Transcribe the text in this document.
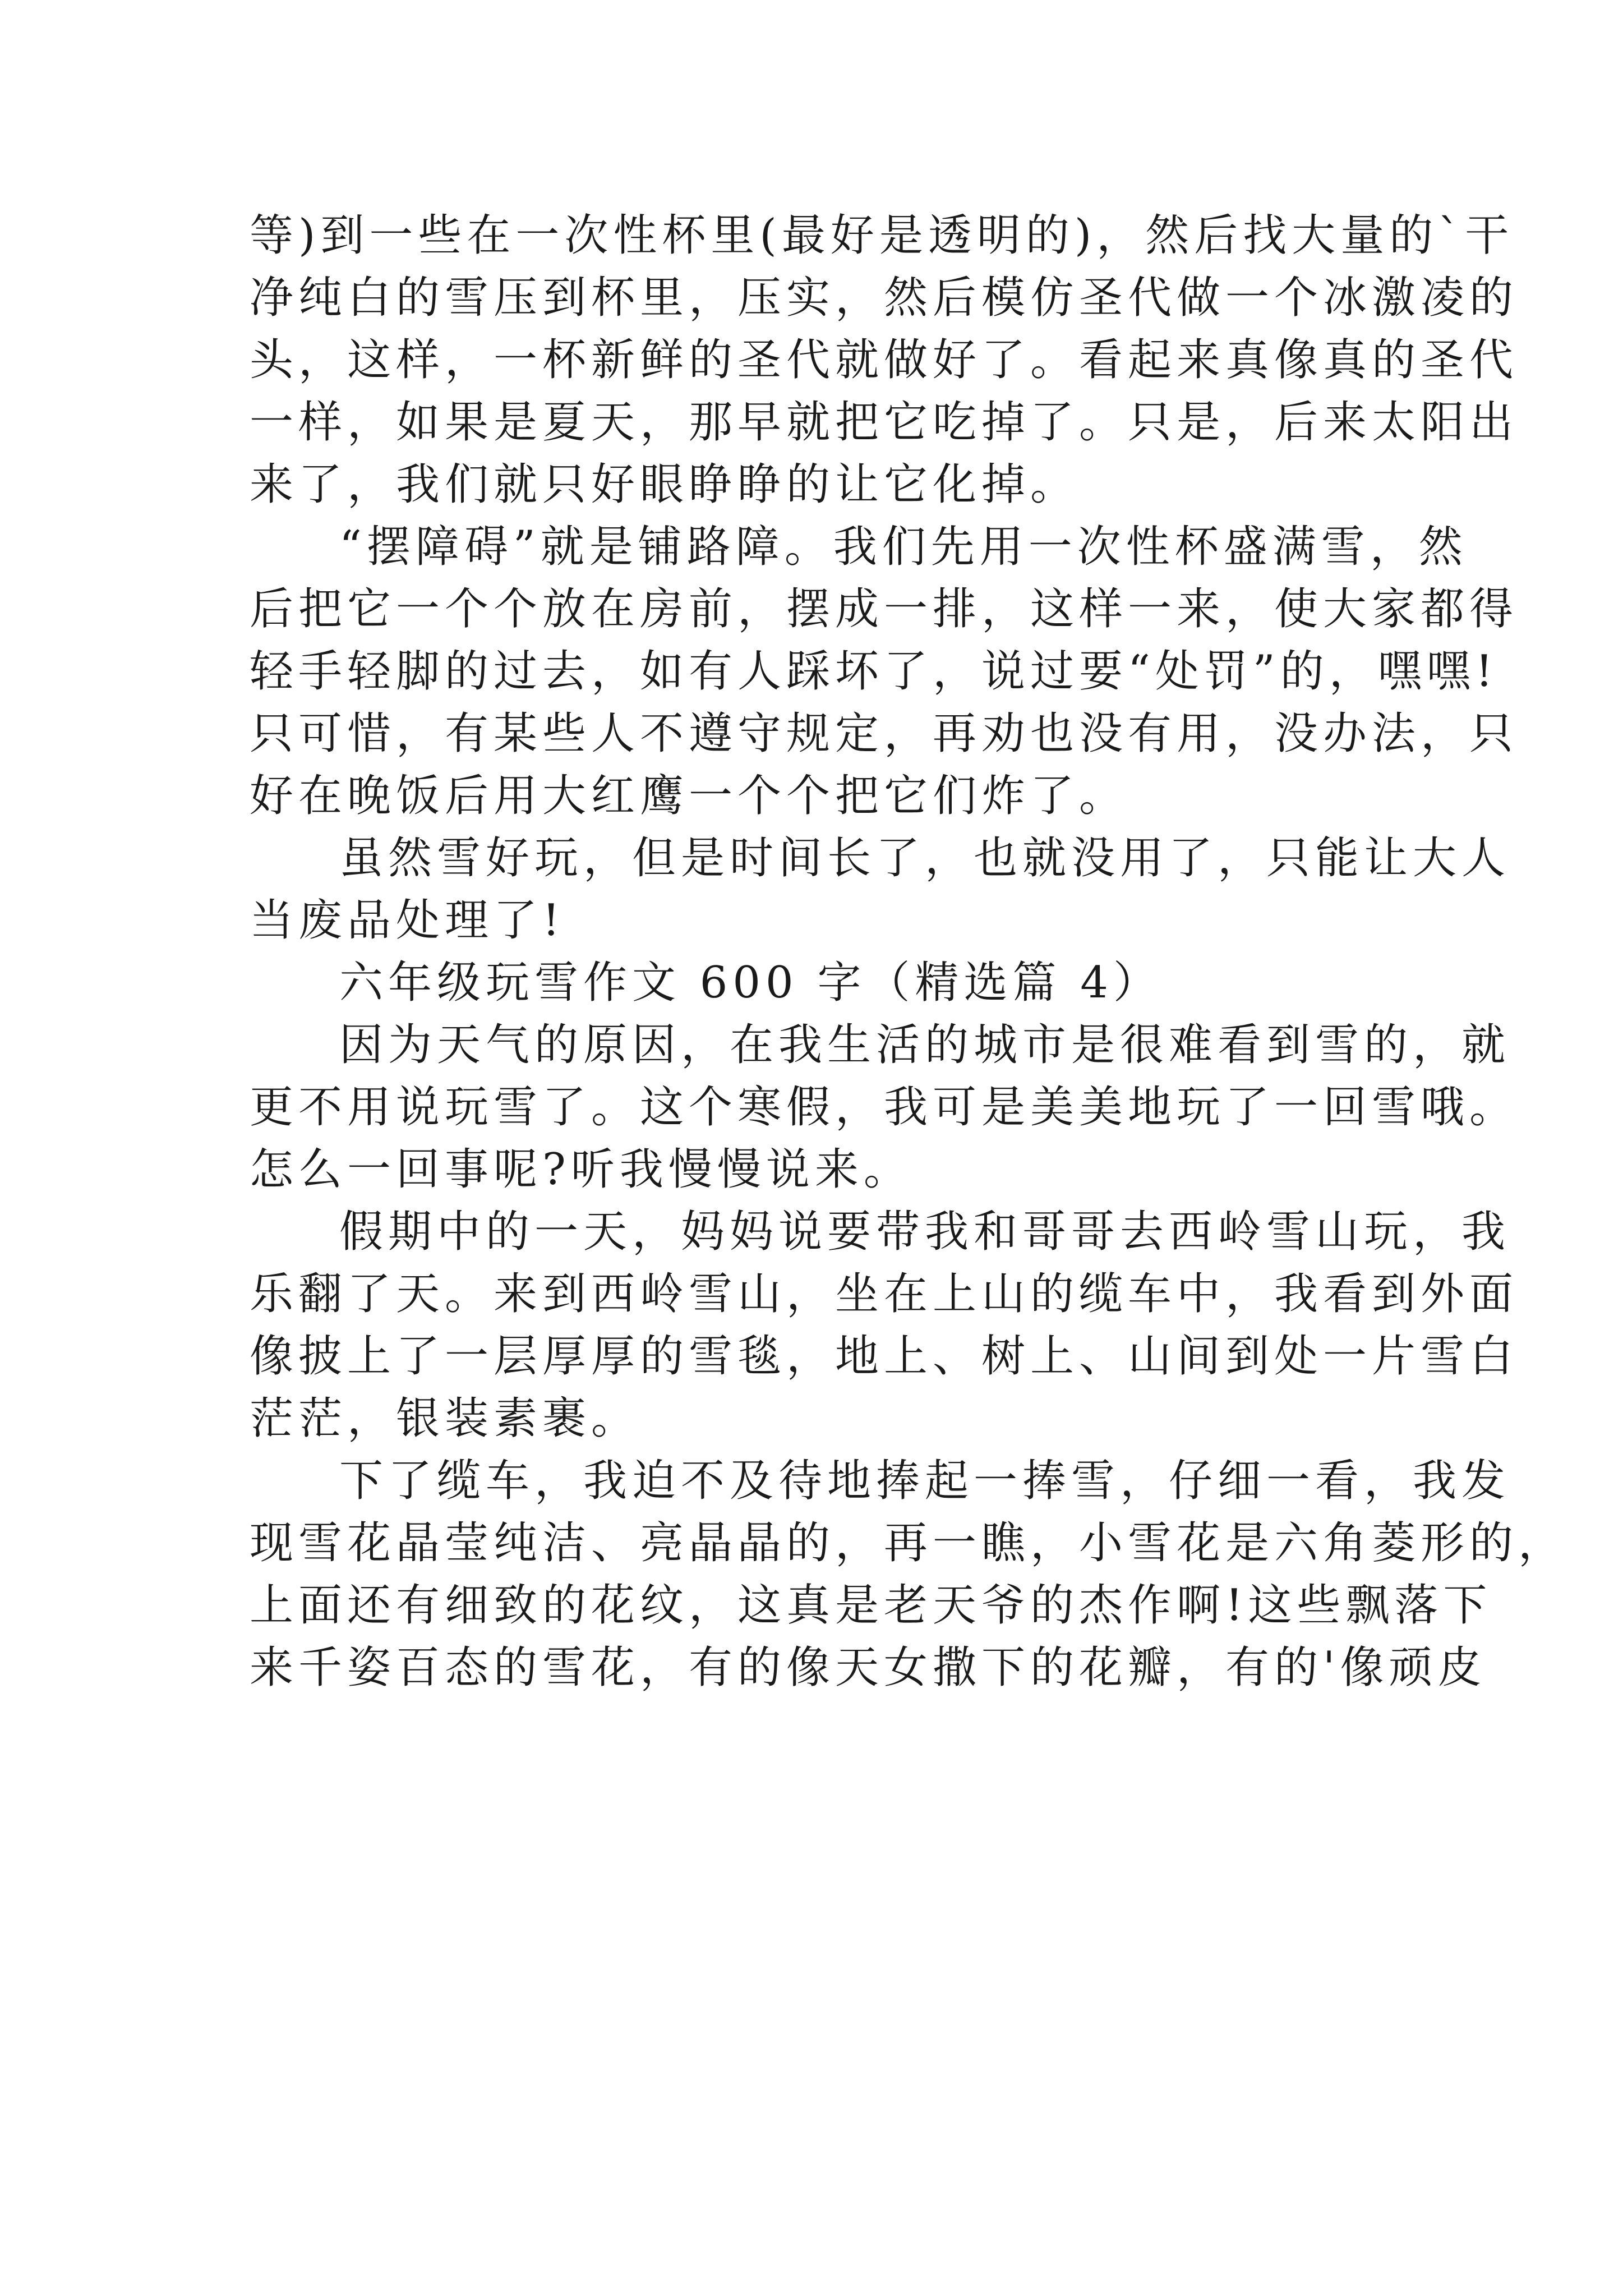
等)到一些在一次性杯里(最好是透明的)，然后找大量的`干

净纯白的雪压到杯里，压实，然后模仿圣代做一个冰激凌的

头，这样，一杯新鲜的圣代就做好了。看起来真像真的圣代

一样，如果是夏天，那早就把它吃掉了。只是，后来太阳出

来了，我们就只好眼睁睁的让它化掉。

“摆障碍”就是铺路障。我们先用一次性杯盛满雪，然

后把它一个个放在房前，摆成一排，这样一来，使大家都得

轻手轻脚的过去，如有人踩坏了，说过要“处罚”的，嘿嘿!

只可惜，有某些人不遵守规定，再劝也没有用，没办法，只

好在晚饭后用大红鹰一个个把它们炸了。

虽然雪好玩，但是时间长了，也就没用了，只能让大人

当废品处理了!

六年级玩雪作文 600 字（精选篇 4）

因为天气的原因，在我生活的城市是很难看到雪的，就

更不用说玩雪了。这个寒假，我可是美美地玩了一回雪哦。

怎么一回事呢?听我慢慢说来。

假期中的一天，妈妈说要带我和哥哥去西岭雪山玩，我

乐翻了天。来到西岭雪山，坐在上山的缆车中，我看到外面

像披上了一层厚厚的雪毯，地上、树上、山间到处一片雪白

茫茫，银装素裹。

下了缆车，我迫不及待地捧起一捧雪，仔细一看，我发

现雪花晶莹纯洁、亮晶晶的，再一瞧，小雪花是六角菱形的，

上面还有细致的花纹，这真是老天爷的杰作啊!这些飘落下

来千姿百态的雪花，有的像天女撒下的花瓣，有的'像顽皮
